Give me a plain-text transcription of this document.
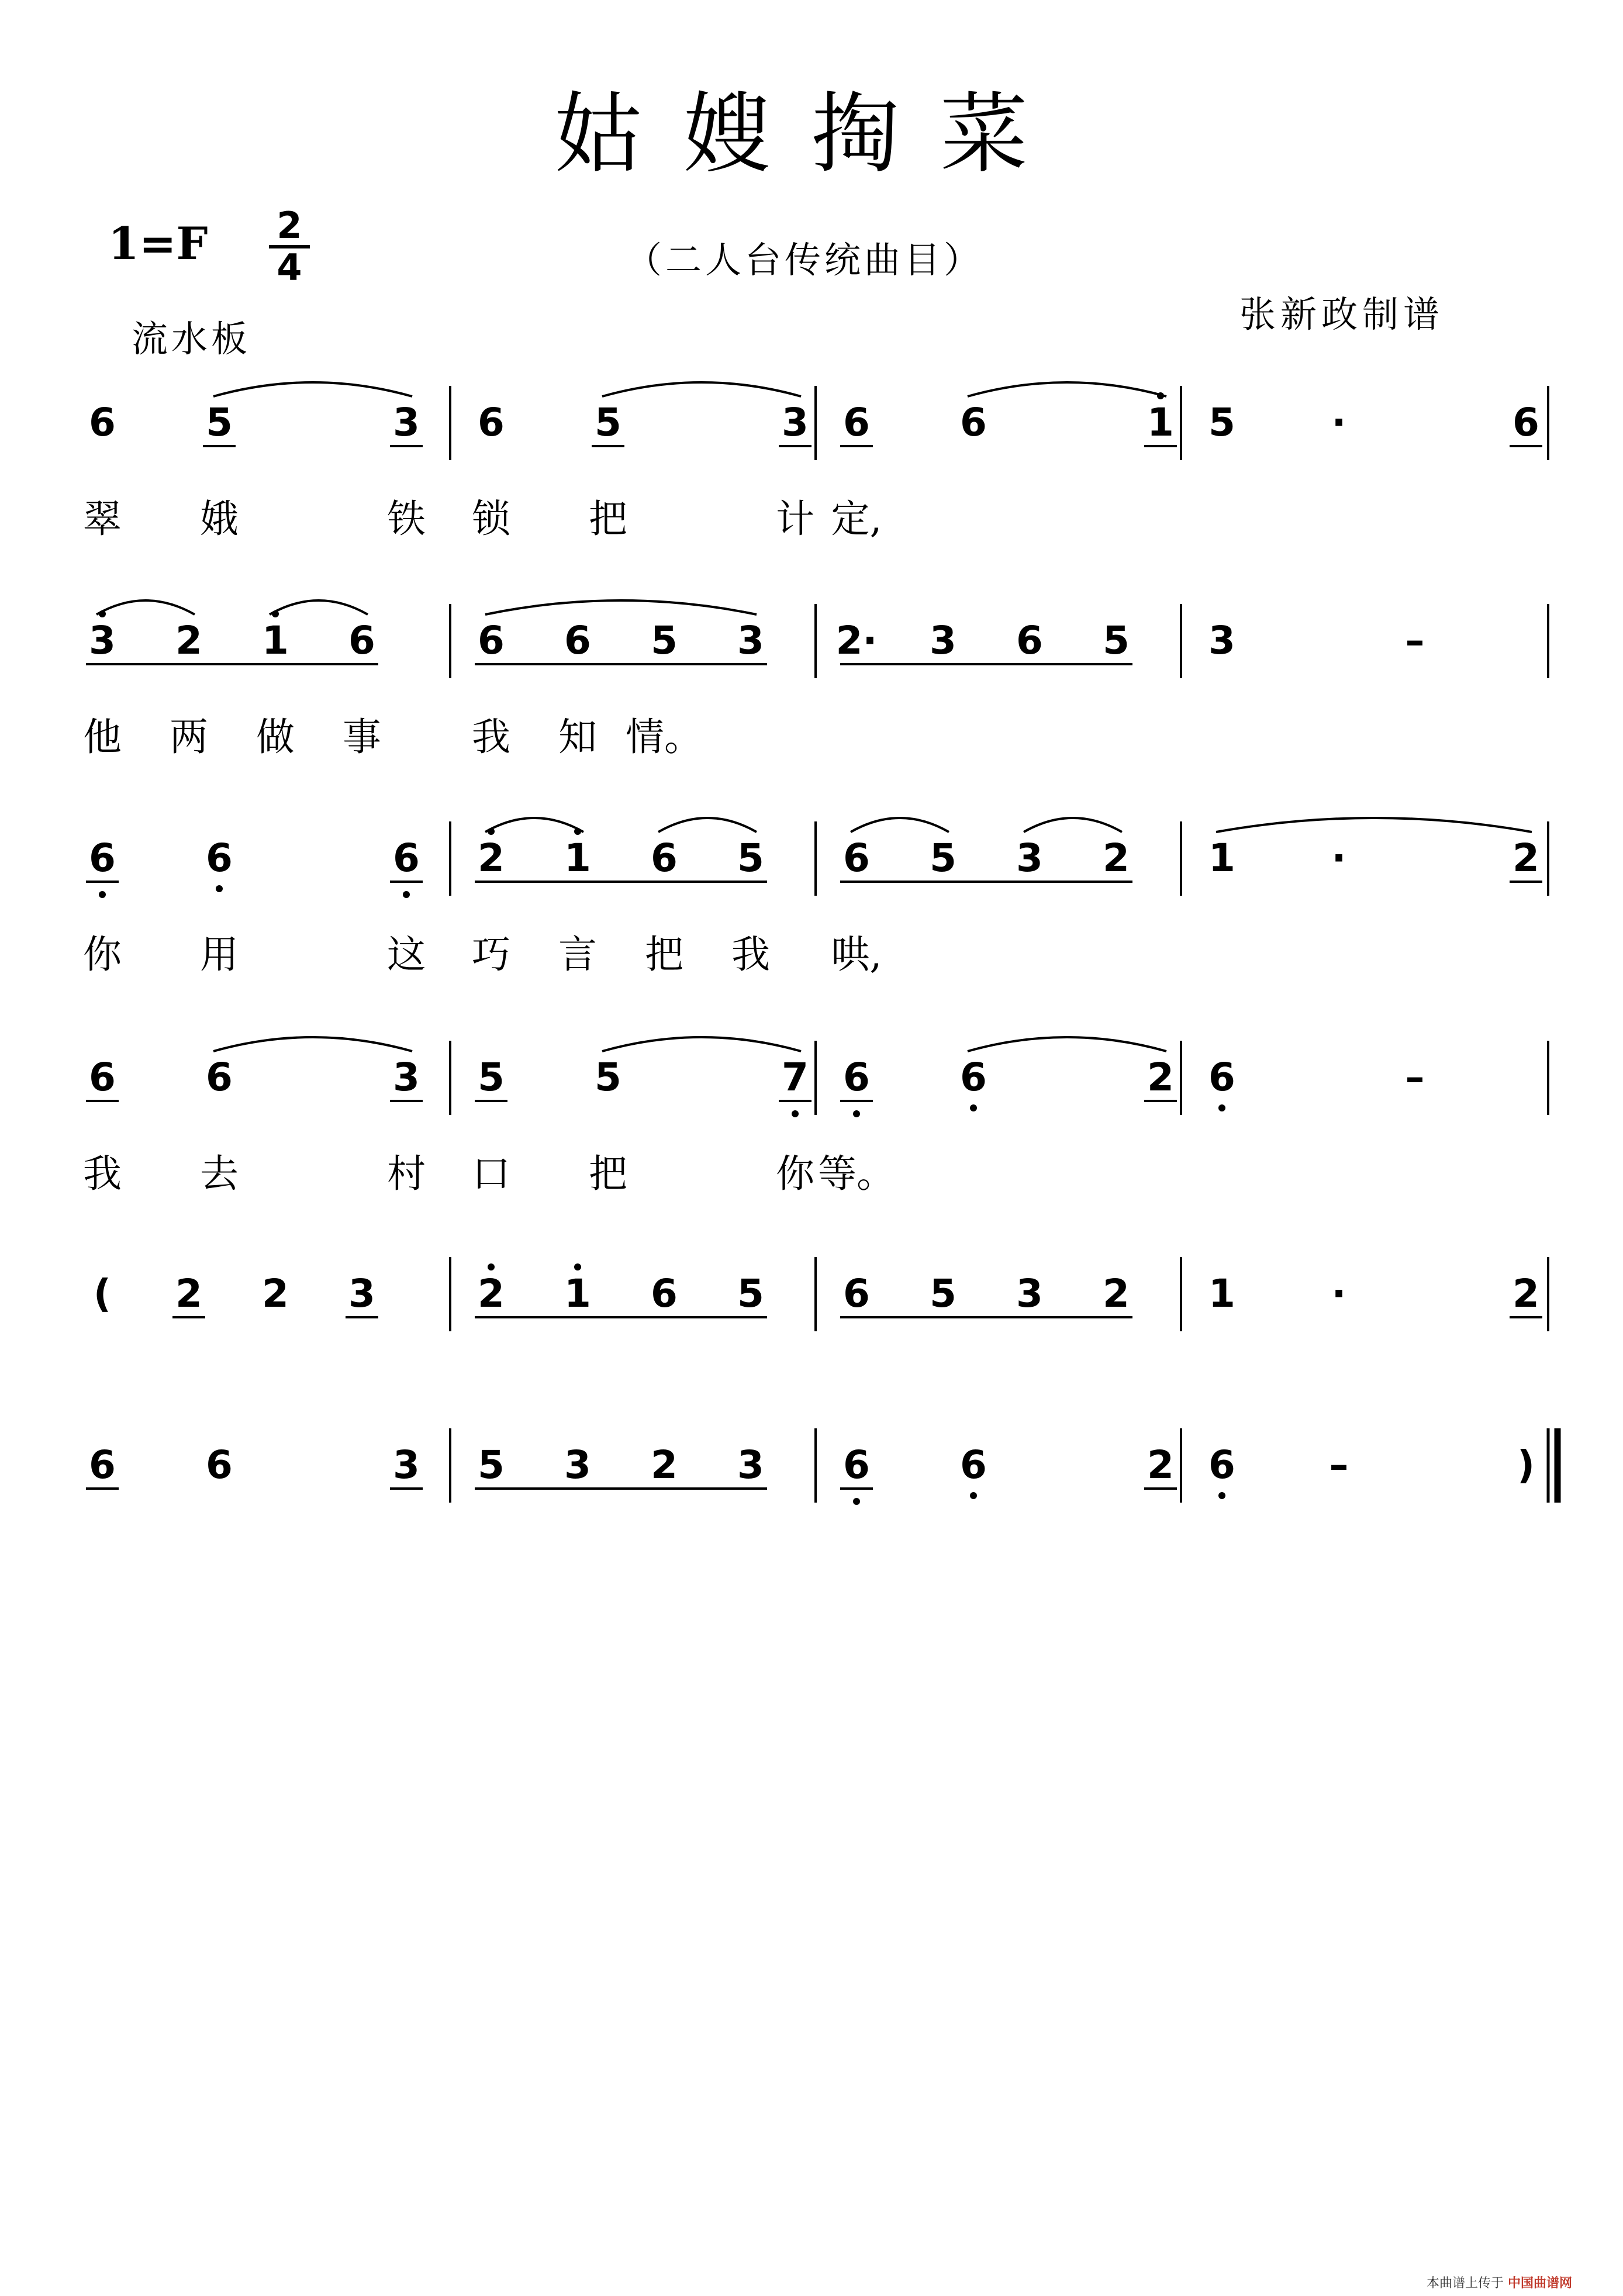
姑嫂掏菜
1=F 2
4	（二人台传统曲目）
流水板
张新政制谱
6 5	3 6 5	3 6 6	1 5 ·	6
翠 娥	铁 锁 把	计 定,
3 2 1 6	6 6 5 3 2· 3 6 5 3	–
他 两 做 事 我 知 情。
6 6	6 2 1 6 5 6 5 3 2 1 ·	2
你 用	这 巧 言 把 我 哄,
6 6	3 5 5	7 6 6	2 6	–
我 去	村 口 把	你 等。
( 2 2 3	2 1 6 5 6 5 3 2 1 ·	2
6 6	3 5 3 2 3 6 6	2 6 –	)
本曲谱上传于 中国曲谱网
